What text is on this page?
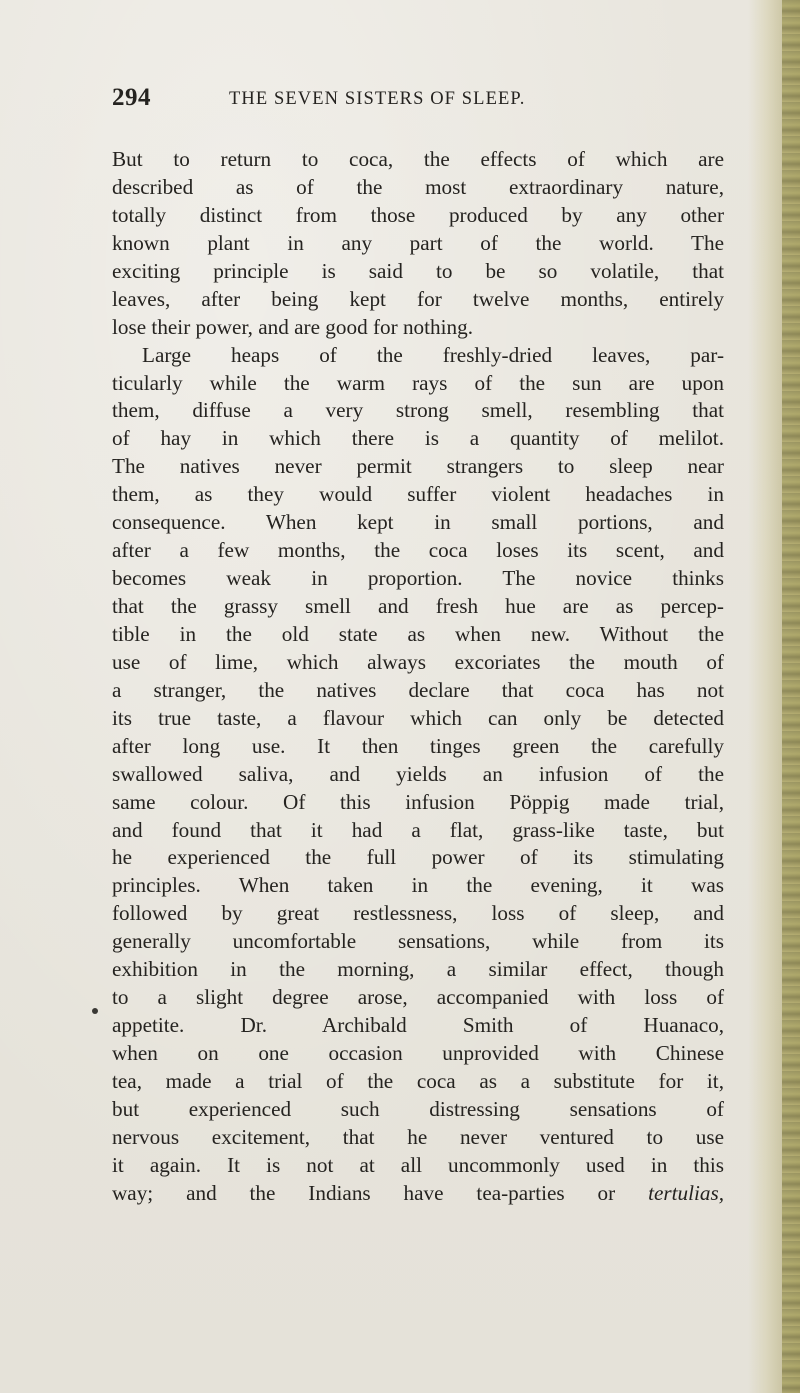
294	THE SEVEN SISTERS OF SLEEP.
But to return to coca, the effects of which are
described as of the most extraordinary nature,
totally distinct from those produced by any other
known plant in any part of the world. The
exciting principle is said to be so volatile, that
leaves, after being kept for twelve months, entirely
lose their power, and are good for nothing.
Large heaps of the freshly-dried leaves, par-
ticularly while the warm rays of the sun are upon
them, diffuse a very strong smell, resembling that
of hay in which there is a quantity of melilot.
The natives never permit strangers to sleep near
them, as they would suffer violent headaches in
consequence. When kept in small portions, and
after a few months, the coca loses its scent, and
becomes weak in proportion. The novice thinks
that the grassy smell and fresh hue are as percep-
tible in the old state as when new. Without the
use of lime, which always excoriates the mouth of
a stranger, the natives declare that coca has not
its true taste, a flavour which can only be detected
after long use. It then tinges green the carefully
swallowed saliva, and yields an infusion of the
same colour. Of this infusion Pöppig made trial,
and found that it had a flat, grass-like taste, but
he experienced the full power of its stimulating
principles. When taken in the evening, it was
followed by great restlessness, loss of sleep, and
generally uncomfortable sensations, while from its
exhibition in the morning, a similar effect, though
to a slight degree arose, accompanied with loss of
appetite. Dr. Archibald Smith of Huanaco,
when on one occasion unprovided with Chinese
tea, made a trial of the coca as a substitute for it,
but experienced such distressing sensations of
nervous excitement, that he never ventured to use
it again. It is not at all uncommonly used in this
way; and the Indians have tea-parties or tertulias,
